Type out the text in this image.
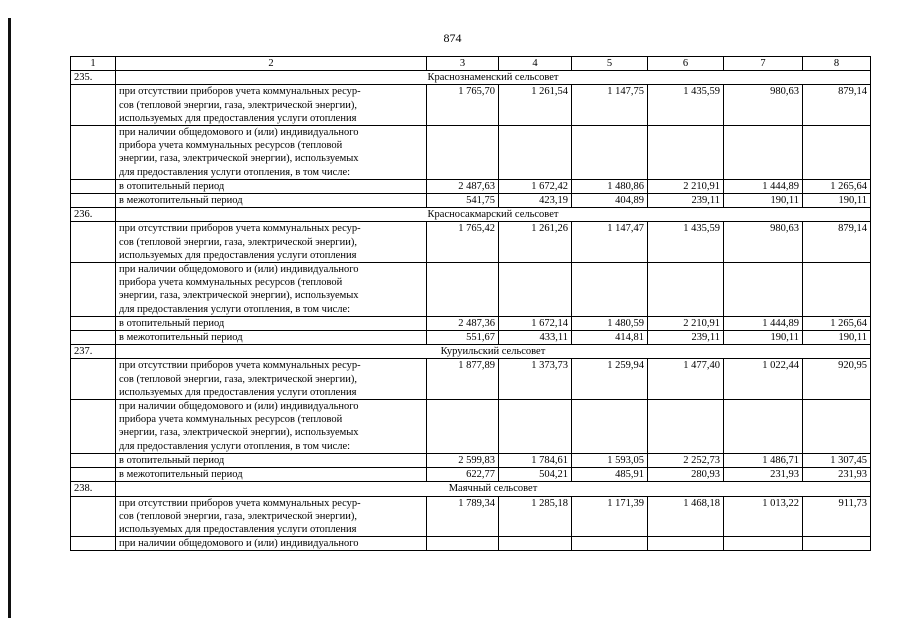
874
1	2	3	4	5	6	7	8
235.	Краснознаменский сельсовет						

	при отсутствии приборов учета коммунальных ресур-
сов (тепловой энергии, газа, электрической энергии),
используемых для предоставления услуги отопления	1 765,70	1 261,54	1 147,75	1 435,59	980,63	879,14

	при наличии общедомового и (или) индивидуального
прибора учета коммунальных ресурсов (тепловой
энергии, газа, электрической энергии), используемых
для предоставления услуги отопления, в том числе:						

	в отопительный период	2 487,63	1 672,42	1 480,86	2 210,91	1 444,89	1 265,64

	в межотопительный период	541,75	423,19	404,89	239,11	190,11	190,11
236.	Красносакмарский сельсовет						

	при отсутствии приборов учета коммунальных ресур-
сов (тепловой энергии, газа, электрической энергии),
используемых для предоставления услуги отопления	1 765,42	1 261,26	1 147,47	1 435,59	980,63	879,14

	при наличии общедомового и (или) индивидуального
прибора учета коммунальных ресурсов (тепловой
энергии, газа, электрической энергии), используемых
для предоставления услуги отопления, в том числе:						

	в отопительный период	2 487,36	1 672,14	1 480,59	2 210,91	1 444,89	1 265,64

	в межотопительный период	551,67	433,11	414,81	239,11	190,11	190,11
237.	Куруильский сельсовет						

	при отсутствии приборов учета коммунальных ресур-
сов (тепловой энергии, газа, электрической энергии),
используемых для предоставления услуги отопления	1 877,89	1 373,73	1 259,94	1 477,40	1 022,44	920,95

	при наличии общедомового и (или) индивидуального
прибора учета коммунальных ресурсов (тепловой
энергии, газа, электрической энергии), используемых
для предоставления услуги отопления, в том числе:						

	в отопительный период	2 599,83	1 784,61	1 593,05	2 252,73	1 486,71	1 307,45

	в межотопительный период	622,77	504,21	485,91	280,93	231,93	231,93
238.	Маячный сельсовет						

	при отсутствии приборов учета коммунальных ресур-
сов (тепловой энергии, газа, электрической энергии),
используемых для предоставления услуги отопления	1 789,34	1 285,18	1 171,39	1 468,18	1 013,22	911,73

	при наличии общедомового и (или) индивидуального						
